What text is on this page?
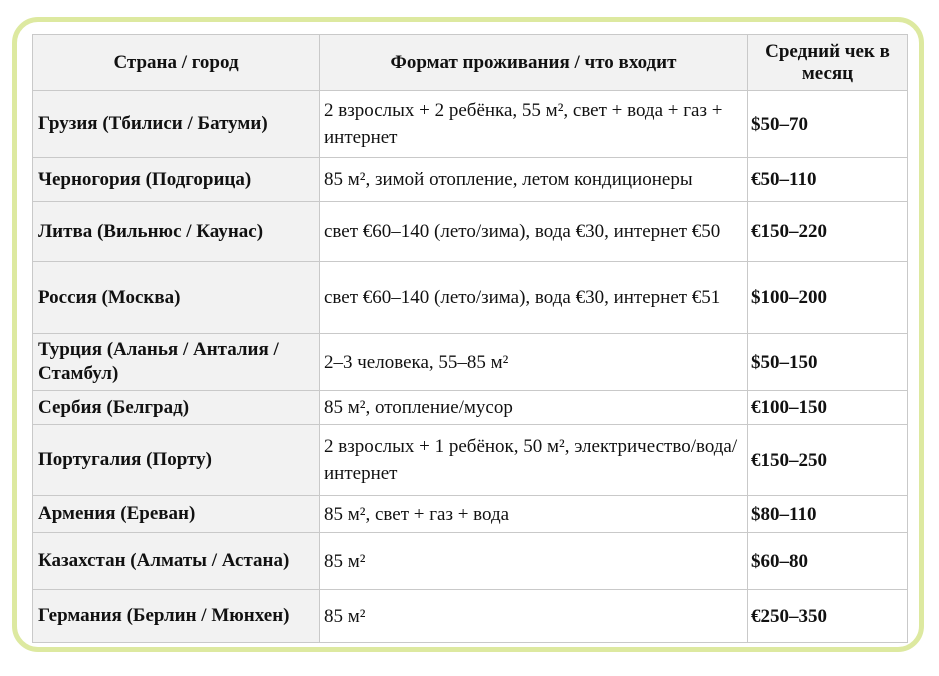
Страна / город	Формат проживания / что входит	Средний чек в месяц
Грузия (Тбилиси / Батуми)	2 взрослых + 2 ребёнка, 55 м², свет + вода + газ + интернет	$50–70
Черногория (Подгорица)	85 м², зимой отопление, летом кондиционеры	€50–110
Литва (Вильнюс / Каунас)	свет €60–140 (лето/зима), вода €30, интернет €50	€150–220
Россия (Москва)	свет €60–140 (лето/зима), вода €30, интернет €51	$100–200
Турция (Аланья / Анталия / Стамбул)	2–3 человека, 55–85 м²	$50–150
Сербия (Белград)	85 м², отопление/мусор	€100–150
Португалия (Порту)	2 взрослых + 1 ребёнок, 50 м², электричество/вода/интернет	€150–250
Армения (Ереван)	85 м², свет + газ + вода	$80–110
Казахстан (Алматы / Астана)	85 м²	$60–80
Германия (Берлин / Мюнхен)	85 м²	€250–350
